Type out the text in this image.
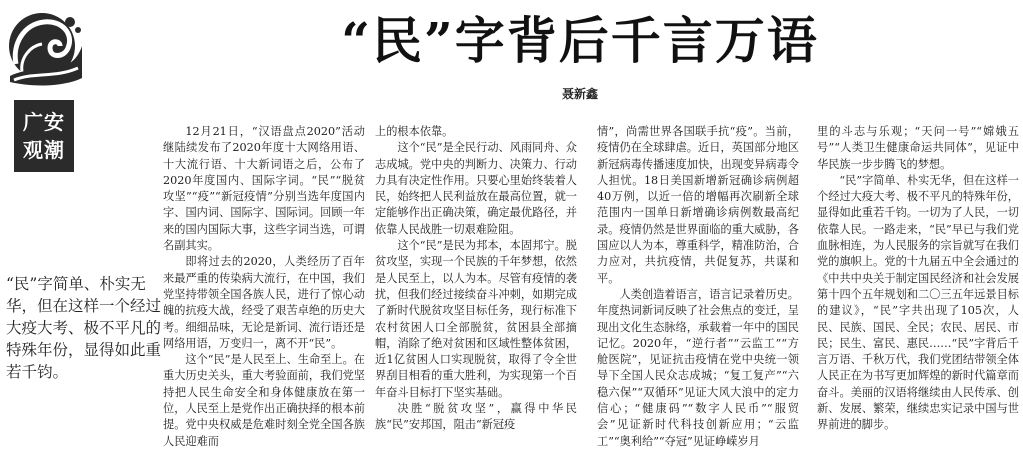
广安
观潮
“民”字背后千言万语
聂新鑫
“民”字简单、朴实无华，但在这样一个经过大疫大考、极不平凡的特殊年份，显得如此重若千钧。

12月21日，“汉语盘点2020”活动继陆续发布了2020年度十大网络用语、十大流行语、十大新词语之后，公布了2020年度国内、国际字词。“民”“脱贫攻坚”“疫”“新冠疫情”分别当选年度国内字、国内词、国际字、国际词。回顾一年来的国内国际大事，这些字词当选，可谓名副其实。

即将过去的2020，人类经历了百年来最严重的传染病大流行，在中国，我们党坚持带领全国各族人民，进行了惊心动魄的抗疫大战，经受了艰苦卓绝的历史大考。细细品味，无论是新词、流行语还是网络用语，万变归一，离不开“民”。

这个“民”是人民至上、生命至上。在重大历史关头，重大考验面前，我们党坚持把人民生命安全和身体健康放在第一位，人民至上是党作出正确抉择的根本前提。党中央权威是危难时刻全党全国各族人民迎难而

上的根本依靠。

这个“民”是全民行动、风雨同舟、众志成城。党中央的判断力、决策力、行动力具有决定性作用。只要心里始终装着人民，始终把人民利益放在最高位置，就一定能够作出正确决策，确定最优路径，并依靠人民战胜一切艰难险阻。

这个“民”是民为邦本，本固邦宁。脱贫攻坚，实现一个民族的千年梦想，依然是人民至上，以人为本。尽管有疫情的袭扰，但我们经过接续奋斗冲刺，如期完成了新时代脱贫攻坚目标任务，现行标准下农村贫困人口全部脱贫，贫困县全部摘帽，消除了绝对贫困和区域性整体贫困，近1亿贫困人口实现脱贫，取得了令全世界刮目相看的重大胜利，为实现第一个百年奋斗目标打下坚实基础。

决胜“脱贫攻坚”，赢得中华民族“民”安邦国，阻击“新冠疫

情”，尚需世界各国联手抗“疫”。当前，疫情仍在全球肆虐。近日，英国部分地区新冠病毒传播速度加快，出现变异病毒令人担忧。18日美国新增新冠确诊病例超40万例，以近一倍的增幅再次刷新全球范围内一国单日新增确诊病例数最高纪录。疫情仍然是世界面临的重大威胁，各国应以人为本，尊重科学，精准防治，合力应对，共抗疫情，共促复苏，共谋和平。

人类创造着语言，语言记录着历史。年度热词新词反映了社会焦点的变迁，呈现出文化生态脉络，承载着一年中的国民记忆。2020年，“逆行者”“云监工”“方舱医院”，见证抗击疫情在党中央统一领导下全国人民众志成城；“复工复产”“六稳六保”“双循环”见证大风大浪中的定力信心；“健康码”“数字人民币”“服贸会”见证新时代科技创新应用；“云监工”“奥利给”“夺冠”见证峥嵘岁月

里的斗志与乐观；“天问一号”“嫦娥五号”“人类卫生健康命运共同体”，见证中华民族一步步腾飞的梦想。

“民”字简单、朴实无华，但在这样一个经过大疫大考、极不平凡的特殊年份，显得如此重若千钧。一切为了人民，一切依靠人民。一路走来，“民”早已与我们党血脉相连，为人民服务的宗旨就写在我们党的旗帜上。党的十九届五中全会通过的《中共中央关于制定国民经济和社会发展第十四个五年规划和二〇三五年远景目标的建议》，“民”字共出现了105次，人民、民族、国民、全民；农民、居民、市民；民生、富民、惠民……“民”字背后千言万语、千秋万代，我们党团结带领全体人民正在为书写更加辉煌的新时代篇章而奋斗。美丽的汉语将继续由人民传承、创新、发展、繁荣，继续忠实记录中国与世界前进的脚步。
